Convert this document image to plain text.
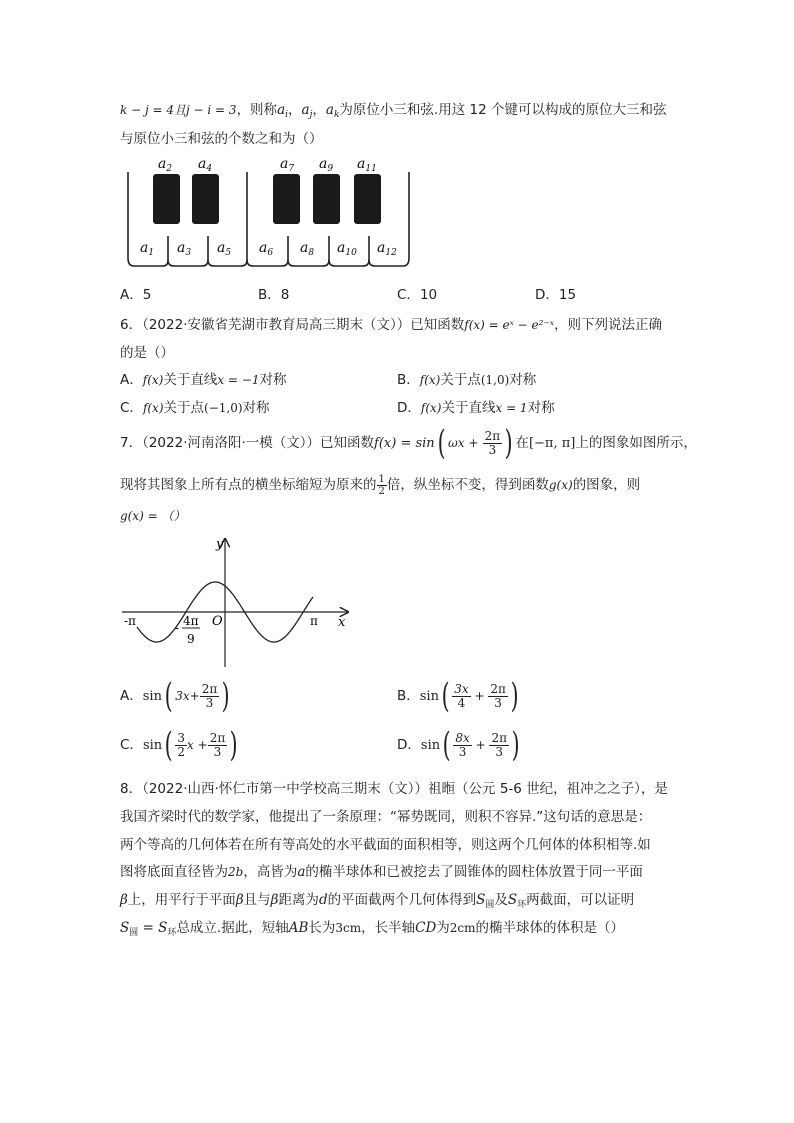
k − j = 4且j − i = 3，则称$a_i$，$a_j$，$a_k$为原位小三和弦.用这 12 个键可以构成的原位大三和弦
与原位小三和弦的个数之和为（）
$a_2$ $a_4$	$a_7$ $a_9$ $a_{11}$
$a_1$ $a_3$ $a_5$ $a_6$ $a_8$ $a_{10}$ $a_{12}$
A．5	B．8	C．10	D．15
6．（2022·安徽省芜湖市教育局高三期末（文））已知函数f(x) = eˣ − e²⁻ˣ，则下列说法正确
的是（）
A．f(x)关于直线x = −1对称	B．f(x)关于点(1,0)对称
C．f(x)关于点(−1,0)对称	D．f(x)关于直线x = 1对称
7．（2022·河南洛阳·一模（文））已知函数f(x) = sin( $\omega x + \frac{2\pi}{3}$ ) 在[−π, π]上的图象如图所示，
现将其图象上所有点的横坐标缩短为原来的 $\frac{1}{2}$ 倍，纵坐标不变，得到函数g(x)的图象，则
g(x) = （）
y
x
O
-π	π
- 4π
9
A．sin( $3x+ \frac{2\pi}{3}$ )	B．$\sin( \frac{3x}{4} + \frac{2\pi}{3}$ )
C．$\sin( \frac{3}{2}$ $x + \frac{2\pi}{3}$ )	D．$\sin( \frac{8x}{3} + \frac{2\pi}{3}$ )
8．（2022·山西·怀仁市第一中学校高三期末（文））祖暅（公元 5-6 世纪，祖冲之之子），是
我国齐梁时代的数学家，他提出了一条原理：“幂势既同，则积不容异.”这句话的意思是：
两个等高的几何体若在所有等高处的水平截面的面积相等，则这两个几何体的体积相等.如
图将底面直径皆为2b，高皆为a的椭半球体和已被挖去了圆锥体的圆柱体放置于同一平面
β上，用平行于平面β且与β距离为d的平面截两个几何体得到$S_圆$及$S_环$两截面，可以证明
$S_圆 = S_环$总成立.据此，短轴AB长为3cm，长半轴CD为2cm的椭半球体的体积是（）
